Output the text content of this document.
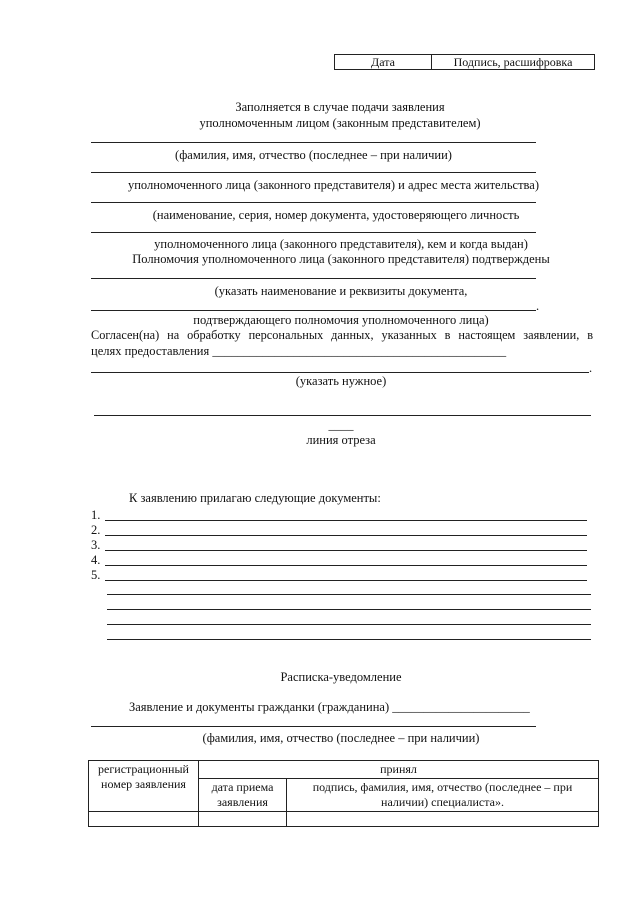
Дата	Подпись, расшифровка
Заполняется в случае подачи заявления
уполномоченным лицом (законным представителем)
(фамилия, имя, отчество (последнее – при наличии)
уполномоченного лица (законного представителя) и адрес места жительства)
(наименование, серия, номер документа, удостоверяющего личность
уполномоченного лица (законного представителя), кем и когда выдан)
Полномочия уполномоченного лица (законного представителя) подтверждены
(указать наименование и реквизиты документа,
.
подтверждающего полномочия уполномоченного лица)
Согласен(на) на обработку персональных данных, указанных в настоящем заявлении, в
целях предоставления _______________________________________________
.
(указать нужное)
____
линия отреза
К заявлению прилагаю следующие документы:
1.
2.
3.
4.
5.
Расписка-уведомление
Заявление и документы гражданки (гражданина) ______________________
(фамилия, имя, отчество (последнее – при наличии)
регистрационный номер заявления	принял	
	дата приема заявления	подпись, фамилия, имя, отчество (последнее – при наличии) специалиста».
